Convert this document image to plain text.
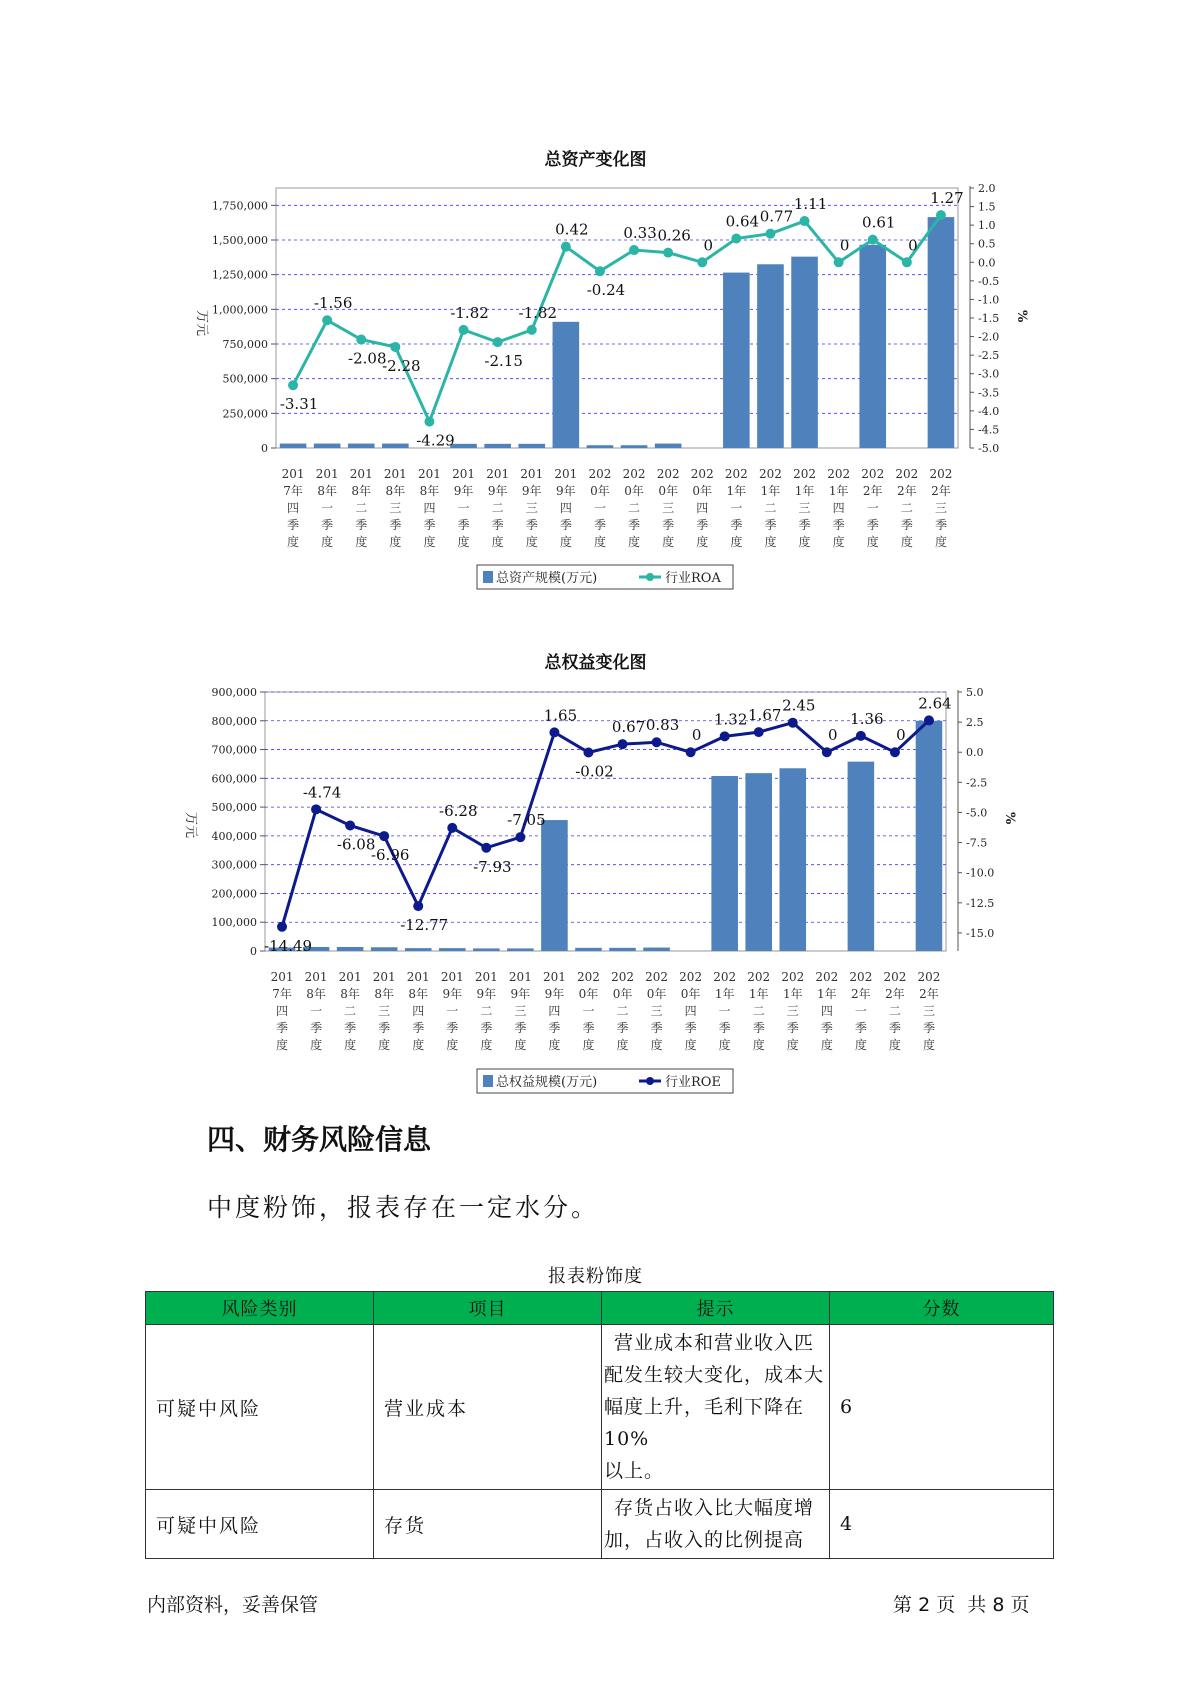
总资产变化图
0
250,000
500,000
750,000
1,000,000
1,250,000
1,500,000
1,750,000
-5.0
-4.5
-4.0
-3.5
-3.0
-2.5
-2.0
-1.5
-1.0
-0.5
0.0
0.5
1.0
1.5
2.0
万元	%
-3.31
-1.56
-2.08
-2.28
-4.29
-1.82
-2.15
-1.82
0.42
-0.24
0.33 0.26
0
0.64 0.77
1.11
0
0.61
0
1.27
201
7年
四
季
度
201
8年
一
季
度
201
8年
二
季
度
201
8年
三
季
度
201
8年
四
季
度
201
9年
一
季
度
201
9年
二
季
度
201
9年
三
季
度
201
9年
四
季
度
202
0年
一
季
度
202
0年
二
季
度
202
0年
三
季
度
202
0年
四
季
度
202
1年
一
季
度
202
1年
二
季
度
202
1年
三
季
度
202
1年
四
季
度
202
2年
一
季
度
202
2年
二
季
度
202
2年
三
季
度
总资产规模(万元)	行业ROA
总权益变化图
0
100,000
200,000
300,000
400,000
500,000
600,000
700,000
800,000
900,000
-15.0
-12.5
-10.0
-7.5
-5.0
-2.5
0.0
2.5
5.0
万元	%
-14.49
-4.74
-6.08
-6.96
-12.77
-6.28
-7.93
-7.05
1.65
-0.02
0.67 0.83
0
1.32 1.67
2.45
0
1.36
0
2.64
201
7年
四
季
度
201
8年
一
季
度
201
8年
二
季
度
201
8年
三
季
度
201
8年
四
季
度
201
9年
一
季
度
201
9年
二
季
度
201
9年
三
季
度
201
9年
四
季
度
202
0年
一
季
度
202
0年
二
季
度
202
0年
三
季
度
202
0年
四
季
度
202
1年
一
季
度
202
1年
二
季
度
202
1年
三
季
度
202
1年
四
季
度
202
2年
一
季
度
202
2年
二
季
度
202
2年
三
季
度
总权益规模(万元)	行业ROE
四、财务风险信息
中度粉饰，报表存在一定水分。
报表粉饰度
风险类别	项目	提示	分数
可疑中风险	营业成本	营业成本和营业收入匹
配发生较大变化，成本大
幅度上升，毛利下降在10%
以上。	6
可疑中风险	存货	存货占收入比大幅度增
加，占收入的比例提高	4
内部资料，妥善保管	第 2 页  共 8 页
